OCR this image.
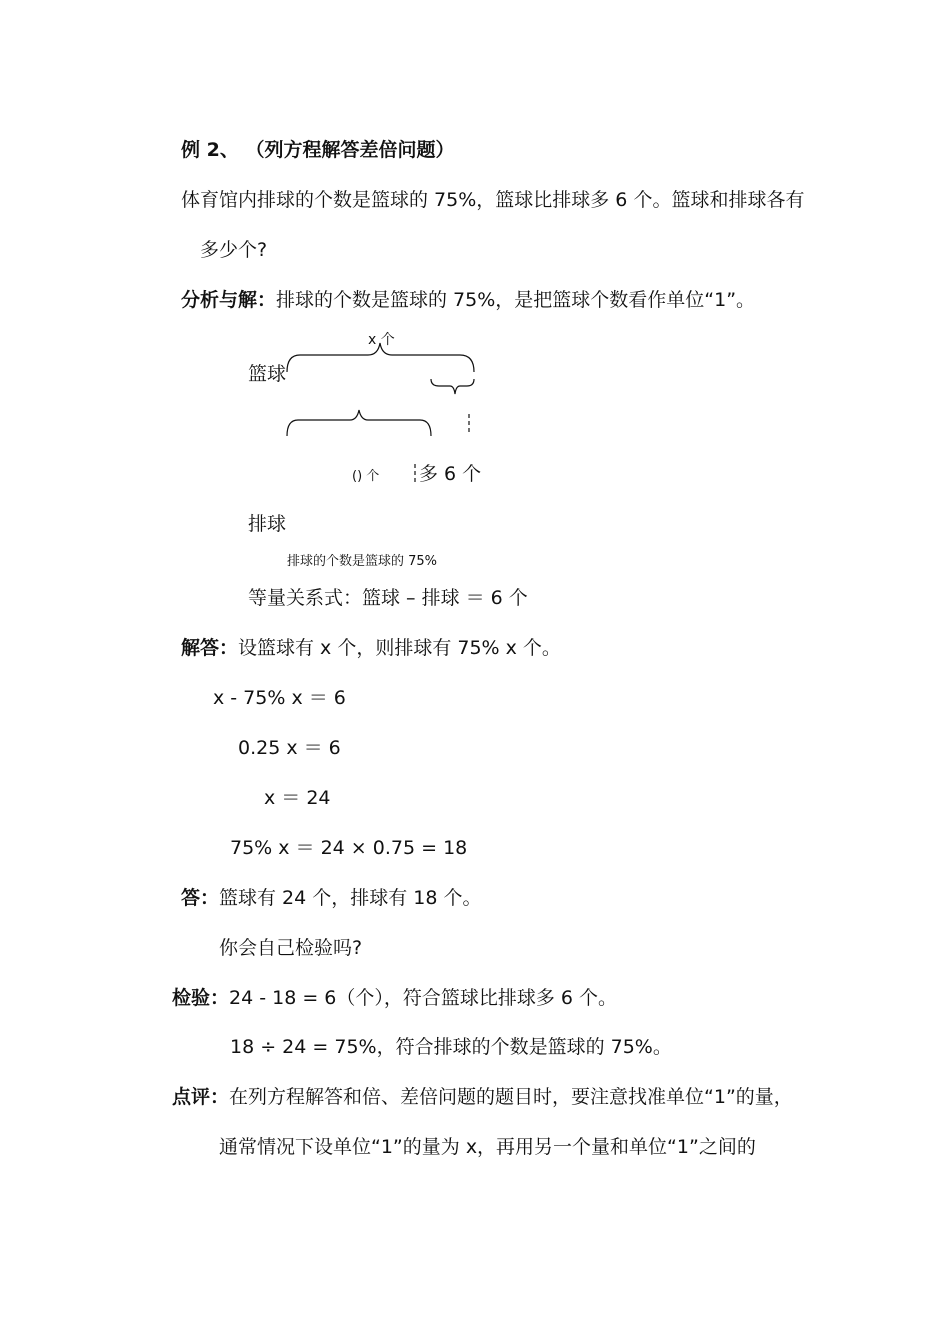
例 2、 （列方程解答差倍问题）
体育馆内排球的个数是篮球的 75%，篮球比排球多 6 个。篮球和排球各有
多少个?
分析与解：排球的个数是篮球的 75%，是把篮球个数看作单位“1”。
x 个
篮球
() 个 多 6 个
排球
排球的个数是篮球的 75%
等量关系式：篮球 – 排球 ＝ 6 个
解答：设篮球有 x 个，则排球有 75% x 个。
x - 75% x ＝ 6
0.25 x ＝ 6
x ＝ 24
75% x ＝ 24 × 0.75 = 18
答：篮球有 24 个，排球有 18 个。
你会自己检验吗?
检验：24 - 18 = 6（个），符合篮球比排球多 6 个。
18 ÷ 24 = 75%，符合排球的个数是篮球的 75%。
点评：在列方程解答和倍、差倍问题的题目时，要注意找准单位“1”的量，
通常情况下设单位“1”的量为 x，再用另一个量和单位“1”之间的
